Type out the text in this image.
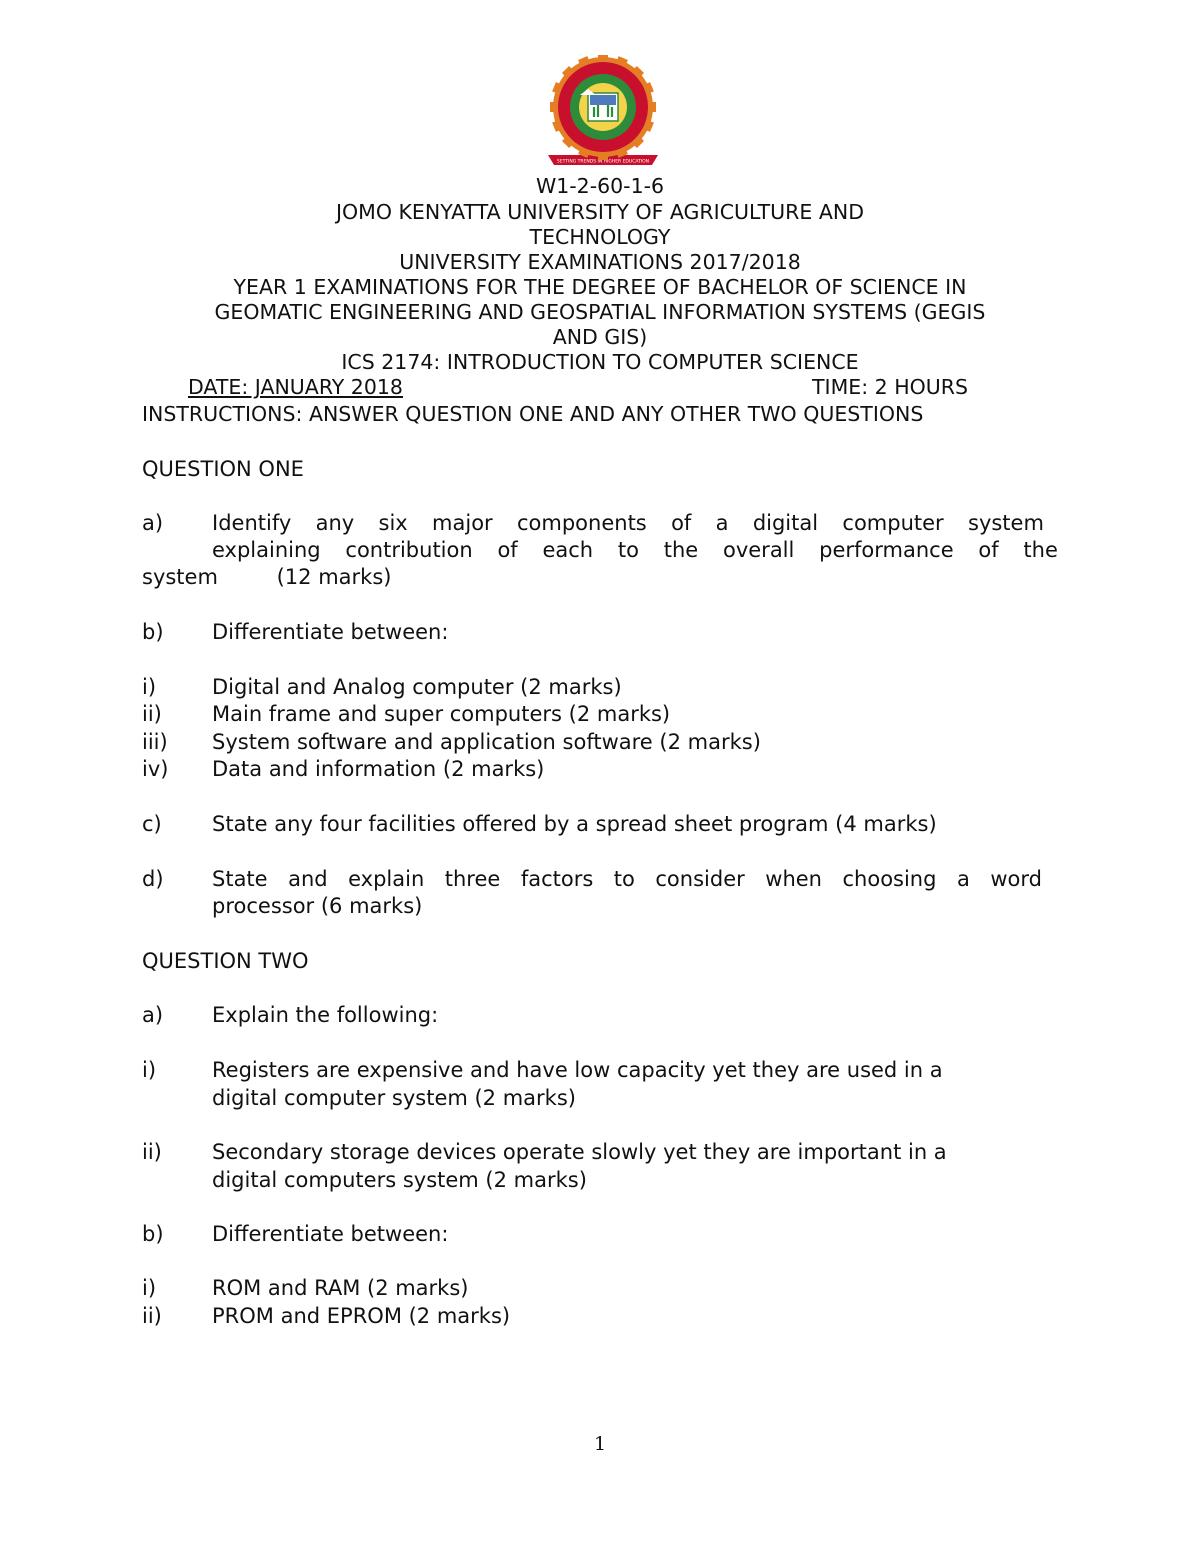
SETTING TRENDS IN HIGHER EDUCATION
W1-2-60-1-6
JOMO KENYATTA UNIVERSITY OF AGRICULTURE AND
TECHNOLOGY
UNIVERSITY EXAMINATIONS 2017/2018
YEAR 1 EXAMINATIONS FOR THE DEGREE OF BACHELOR OF SCIENCE IN
GEOMATIC ENGINEERING AND GEOSPATIAL INFORMATION SYSTEMS (GEGIS
AND GIS)
ICS 2174: INTRODUCTION TO COMPUTER SCIENCE
DATE: JANUARY 2018	TIME: 2 HOURS
INSTRUCTIONS: ANSWER QUESTION ONE AND ANY OTHER TWO QUESTIONS
QUESTION ONE
a) Identify any six major components of a digital computer system
explaining contribution of each to the overall performance of the
system	(12 marks)
b) Differentiate between:
i)	Digital and Analog computer (2 marks)
ii) Main frame and super computers (2 marks)
iii) System software and application software (2 marks)
iv) Data and information (2 marks)
c) State any four facilities offered by a spread sheet program (4 marks)
d) State and explain three factors to consider when choosing a word
processor (6 marks)
QUESTION TWO
a) Explain the following:
i)	Registers are expensive and have low capacity yet they are used in a
digital computer system (2 marks)
ii) Secondary storage devices operate slowly yet they are important in a
digital computers system (2 marks)
b) Differentiate between:
i)	ROM and RAM (2 marks)
ii) PROM and EPROM (2 marks)
1
